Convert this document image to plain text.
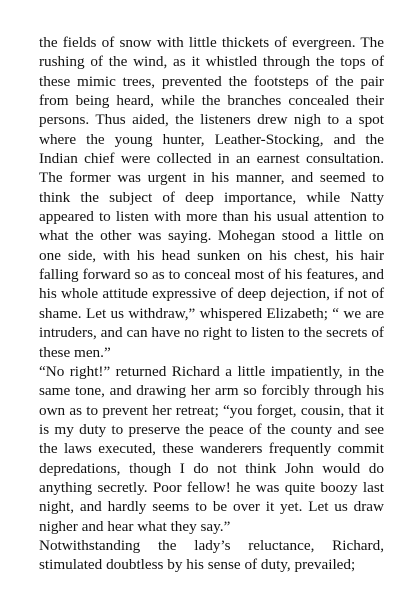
the fields of snow with little thickets of evergreen. The rushing of the wind, as it whistled through the tops of these mimic trees, prevented the footsteps of the pair from being heard, while the branches concealed their persons. Thus aided, the listeners drew nigh to a spot where the young hunter, Leather-Stocking, and the Indian chief were collected in an earnest consultation. The former was urgent in his manner, and seemed to think the subject of deep importance, while Natty appeared to listen with more than his usual attention to what the other was saying. Mohegan stood a little on one side, with his head sunken on his chest, his hair falling forward so as to conceal most of his features, and his whole attitude expressive of deep dejection, if not of shame. Let us withdraw,” whispered Elizabeth; “ we are intruders, and can have no right to listen to the secrets of these men.”

“No right!” returned Richard a little impatiently, in the same tone, and drawing her arm so forcibly through his own as to prevent her retreat; “you forget, cousin, that it is my duty to preserve the peace of the county and see the laws executed, these wanderers frequently commit depredations, though I do not think John would do anything secretly. Poor fellow! he was quite boozy last night, and hardly seems to be over it yet. Let us draw nigher and hear what they say.”

Notwithstanding the lady’s reluctance, Richard, stimulated doubtless by his sense of duty, prevailed;
